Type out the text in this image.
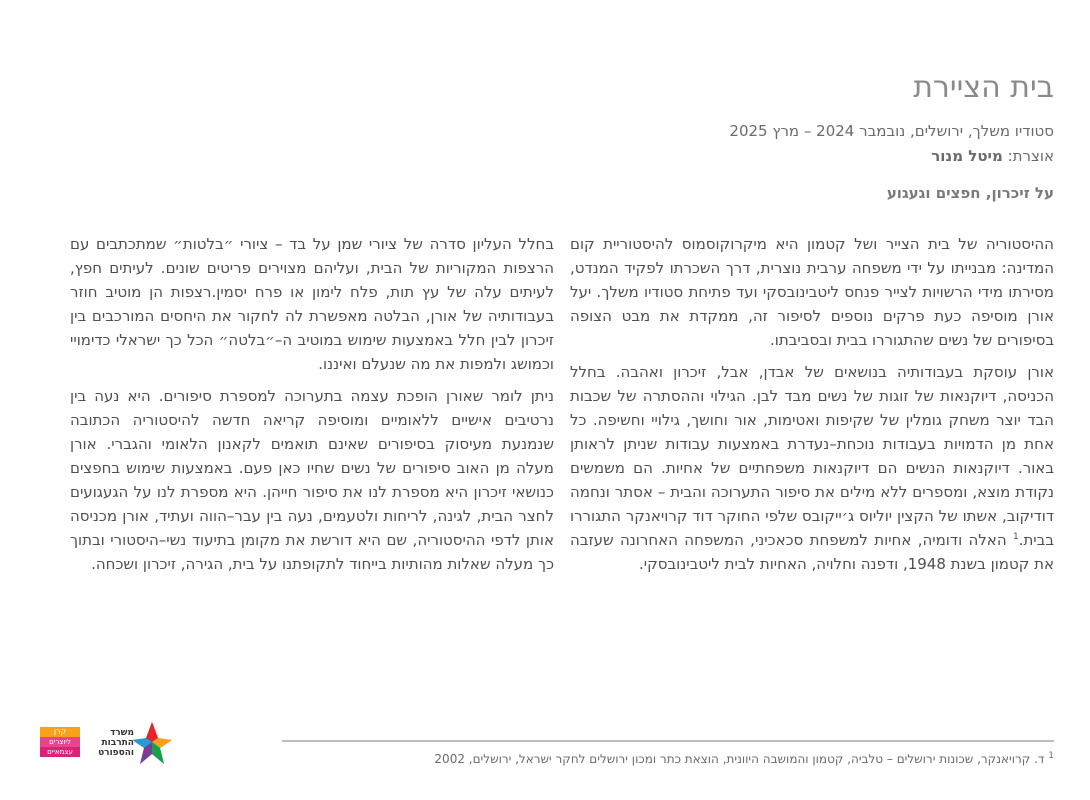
בית הציירת
סטודיו משלך, ירושלים, נובמבר 2024 – מרץ 2025
אוצרת: מיטל מנור
על זיכרון, חפצים וגעגוע

ההיסטוריה של בית הצייר ושל קטמון היא מיקרוקוסמוס להיסטוריית קום המדינה: מבנייתו על ידי משפחה ערבית נוצרית, דרך השכרתו לפקיד המנדט, מסירתו מידי הרשויות לצייר פנחס ליטבינובסקי ועד פתיחת סטודיו משלך. יעל אורן מוסיפה כעת פרקים נוספים לסיפור זה, ממקדת את מבט הצופה בסיפורים של נשים שהתגוררו בבית ובסביבתו.

אורן עוסקת בעבודותיה בנושאים של אבדן, אבל, זיכרון ואהבה. בחלל הכניסה, דיוקנאות של זוגות של נשים מבד לבן. הגילוי וההסתרה של שכבות הבד יוצר משחק גומלין של שקיפות ואטימות, אור וחושך, גילויי וחשיפה. כל אחת מן הדמויות בעבודות נוכחת–נעדרת באמצעות עבודות שניתן לראותן באור. דיוקנאות הנשים הם דיוקנאות משפחתיים של אחיות. הם משמשים נקודת מוצא, ומספרים ללא מילים את סיפור התערוכה והבית – אסתר ונחמה דודיקוב, אשתו של הקצין יוליוס ג׳ייקובס שלפי החוקר דוד קרויאנקר התגוררו בבית.$^1$ האלה ודומיה, אחיות למשפחת סכאכיני, המשפחה האחרונה שעזבה את קטמון בשנת 1948, ודפנה וחלויה, האחיות לבית ליטבינובסקי.

בחלל העליון סדרה של ציורי שמן על בד – ציורי ״בלטות״ שמתכתבים עם הרצפות המקוריות של הבית, ועליהם מצוירים פריטים שונים. לעיתים חפץ, לעיתים עלה של עץ תות, פלח לימון או פרח יסמין.רצפות הן מוטיב חוזר בעבודותיה של אורן, הבלטה מאפשרת לה לחקור את היחסים המורכבים בין זיכרון לבין חלל באמצעות שימוש במוטיב ה–״בלטה״ הכל כך ישראלי כדימויי וכמושג ולמפות את מה שנעלם ואיננו.

ניתן לומר שאורן הופכת עצמה בתערוכה למספרת סיפורים. היא נעה בין נרטיבים אישיים ללאומיים ומוסיפה קריאה חדשה להיסטוריה הכתובה שנמנעת מעיסוק בסיפורים שאינם תואמים לקאנון הלאומי והגברי. אורן מעלה מן האוב סיפורים של נשים שחיו כאן פעם. באמצעות שימוש בחפצים כנושאי זיכרון היא מספרת לנו את סיפור חייהן. היא מספרת לנו על הגעגועים לחצר הבית, לגינה, לריחות ולטעמים, נעה בין עבר–הווה ועתיד, אורן מכניסה אותן לדפי ההיסטוריה, שם היא דורשת את מקומן בתיעוד נשי–היסטורי ובתוך כך מעלה שאלות מהותיות בייחוד לתקופתנו על בית, הגירה, זיכרון ושכחה.

$^1$ ד. קרויאנקר, שכונות ירושלים – טלביה, קטמון והמושבה היוונית, הוצאת כתר ומכון ירושלים לחקר ישראל, ירושלים, 2002
קרן
ליוצרים
עצמאיים
משרד
התרבות
והספורט
